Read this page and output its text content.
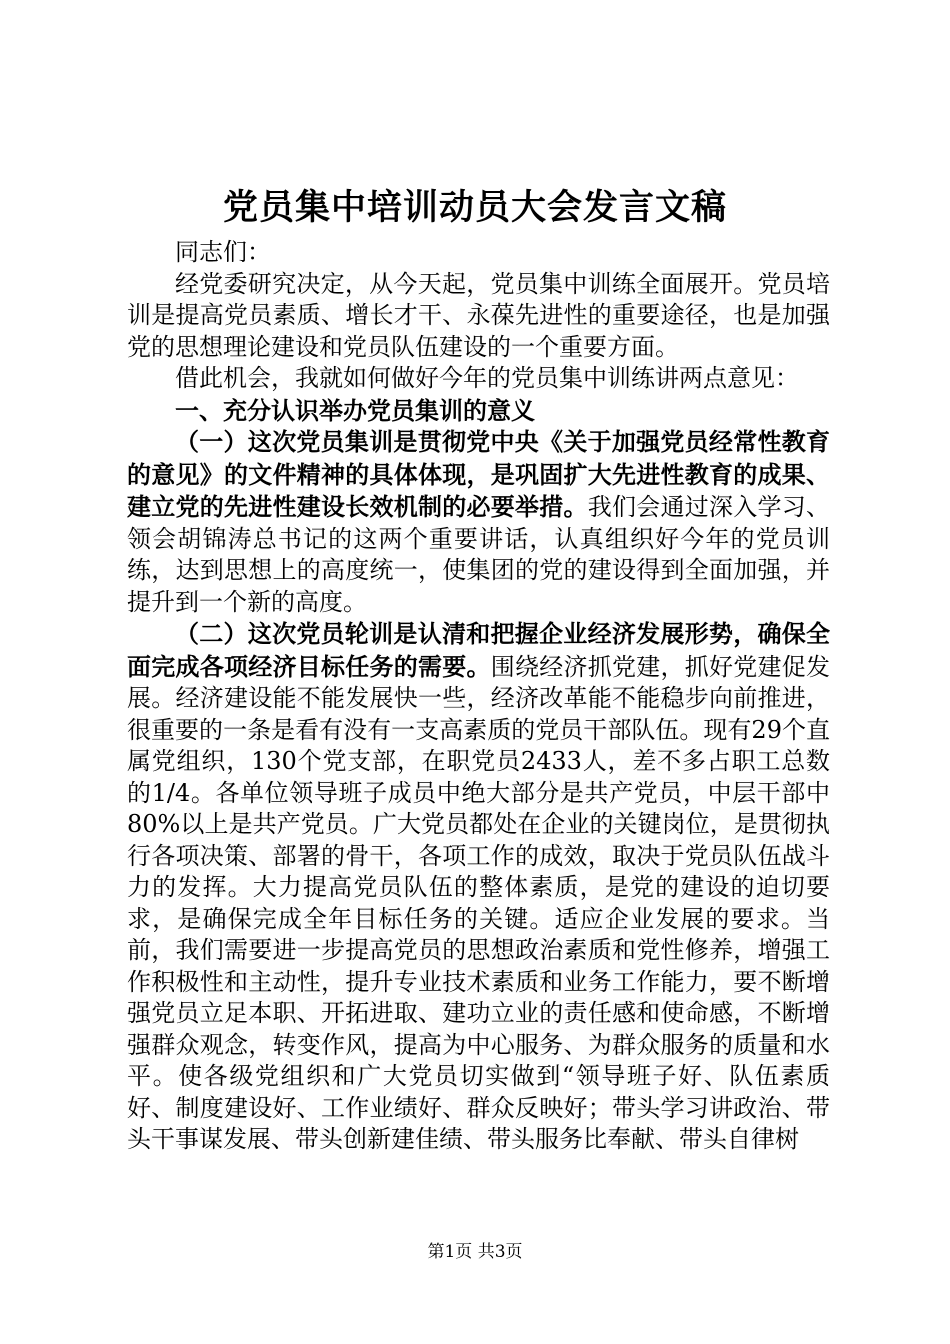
党员集中培训动员大会发言文稿

同志们：

经党委研究决定，从今天起，党员集中训练全面展开。党员培训是提高党员素质、增长才干、永葆先进性的重要途径，也是加强党的思想理论建设和党员队伍建设的一个重要方面。

借此机会，我就如何做好今年的党员集中训练讲两点意见：

一、充分认识举办党员集训的意义

（一）这次党员集训是贯彻党中央《关于加强党员经常性教育的意见》的文件精神的具体体现，是巩固扩大先进性教育的成果、建立党的先进性建设长效机制的必要举措。我们会通过深入学习、领会胡锦涛总书记的这两个重要讲话，认真组织好今年的党员训练，达到思想上的高度统一，使集团的党的建设得到全面加强，并提升到一个新的高度。

（二）这次党员轮训是认清和把握企业经济发展形势，确保全面完成各项经济目标任务的需要。围绕经济抓党建，抓好党建促发展。经济建设能不能发展快一些，经济改革能不能稳步向前推进，很重要的一条是看有没有一支高素质的党员干部队伍。现有29个直属党组织，130个党支部，在职党员2433人，差不多占职工总数的1/4。各单位领导班子成员中绝大部分是共产党员，中层干部中80%以上是共产党员。广大党员都处在企业的关键岗位，是贯彻执行各项决策、部署的骨干，各项工作的成效，取决于党员队伍战斗力的发挥。大力提高党员队伍的整体素质，是党的建设的迫切要求，是确保完成全年目标任务的关键。适应企业发展的要求。当前，我们需要进一步提高党员的思想政治素质和党性修养，增强工作积极性和主动性，提升专业技术素质和业务工作能力，要不断增强党员立足本职、开拓进取、建功立业的责任感和使命感，不断增强群众观念，转变作风，提高为中心服务、为群众服务的质量和水平。使各级党组织和广大党员切实做到“领导班子好、队伍素质好、制度建设好、工作业绩好、群众反映好；带头学习讲政治、带头干事谋发展、带头创新建佳绩、带头服务比奉献、带头自律树

第1页 共3页
